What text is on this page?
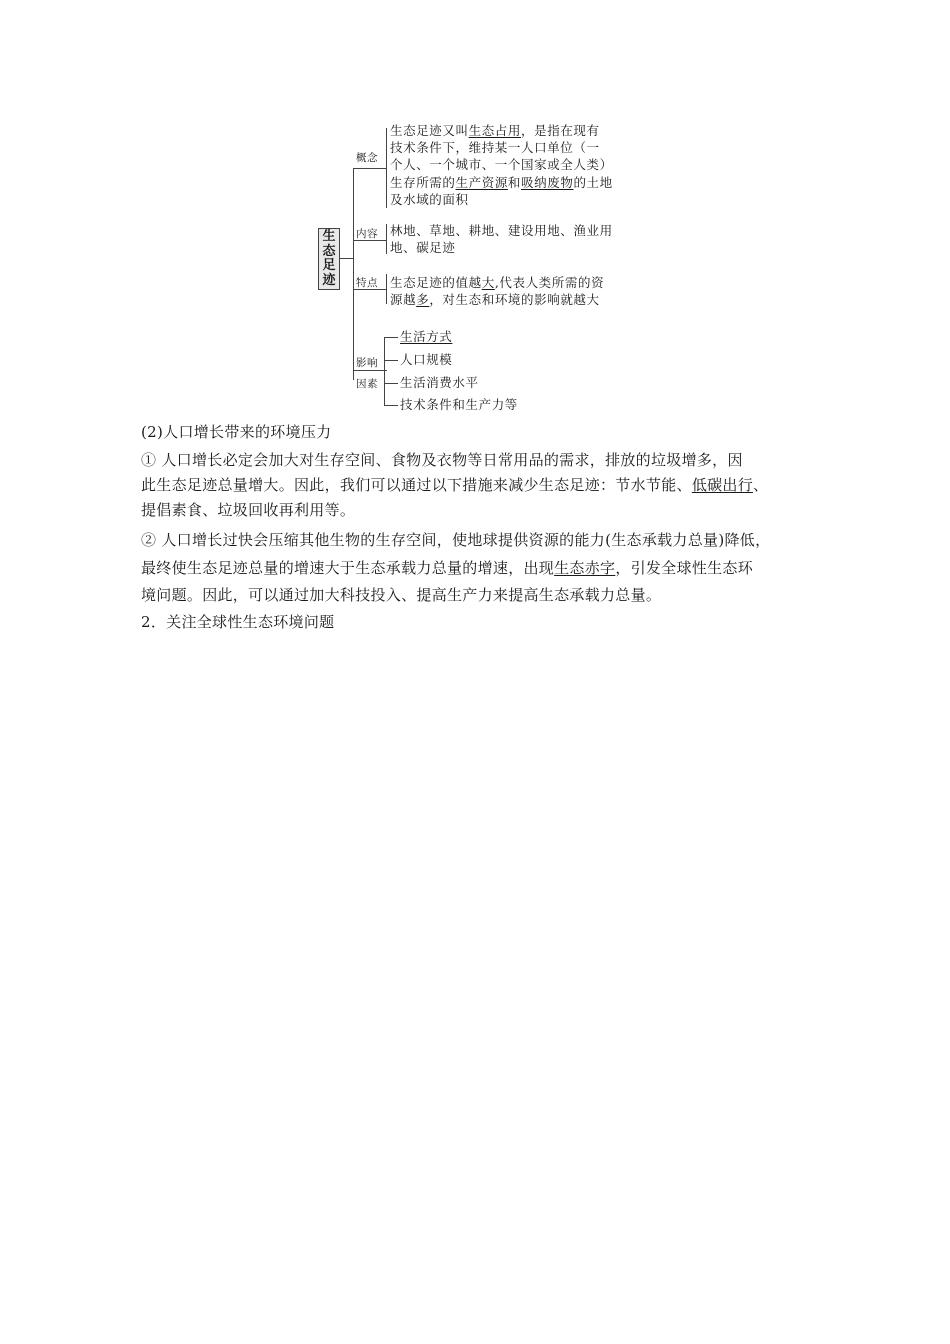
生
态
足
迹
概念
内容
特点
影响
因素
生态足迹又叫生态占用，是指在现有
技术条件下，维持某一人口单位（一
个人、一个城市、一个国家或全人类）
生存所需的生产资源和吸纳废物的土地
及水域的面积
林地、草地、耕地、建设用地、渔业用
地、碳足迹
生态足迹的值越大,代表人类所需的资
源越多，对生态和环境的影响就越大
生活方式
人口规模
生活消费水平
技术条件和生产力等
(2)人口增长带来的环境压力
① 人口增长必定会加大对生存空间、食物及衣物等日常用品的需求，排放的垃圾增多，因
此生态足迹总量增大。因此，我们可以通过以下措施来减少生态足迹：节水节能、低碳出行、
提倡素食、垃圾回收再利用等。
② 人口增长过快会压缩其他生物的生存空间，使地球提供资源的能力(生态承载力总量)降低，
最终使生态足迹总量的增速大于生态承载力总量的增速，出现生态赤字，引发全球性生态环
境问题。因此，可以通过加大科技投入、提高生产力来提高生态承载力总量。
2．关注全球性生态环境问题
